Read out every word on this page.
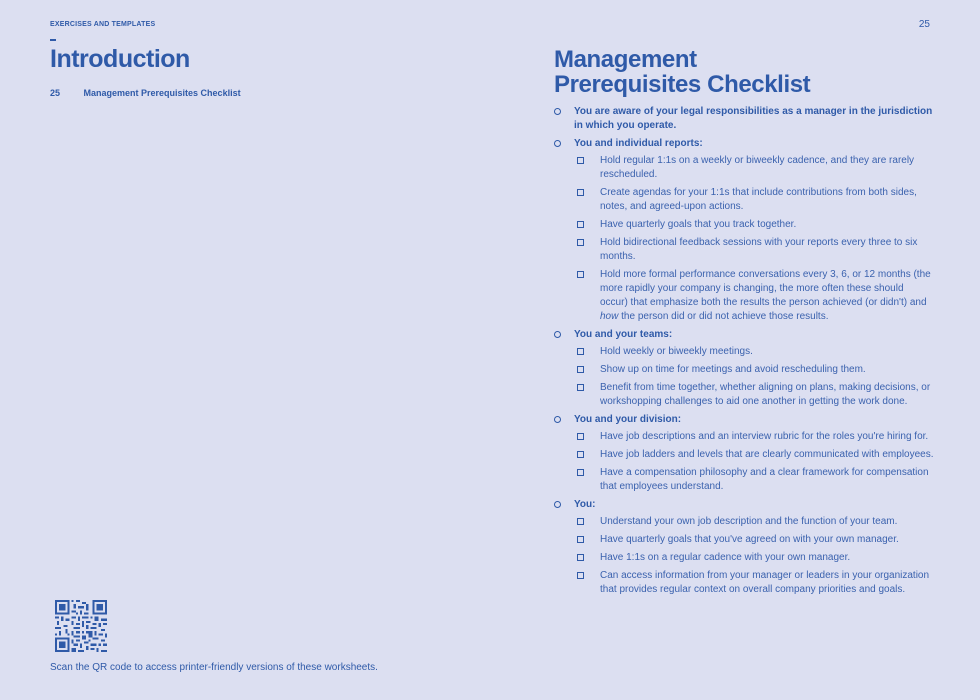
EXERCISES AND TEMPLATES	25
Introduction
25	Management Prerequisites Checklist
Scan the QR code to access printer-friendly versions of these worksheets.
Management
Prerequisites Checklist
You are aware of your legal responsibilities as a manager in the jurisdiction in which you operate.
You and individual reports:
Hold regular 1:1s on a weekly or biweekly cadence, and they are rarely rescheduled.
Create agendas for your 1:1s that include contributions from both sides, notes, and agreed-upon actions.
Have quarterly goals that you track together.
Hold bidirectional feedback sessions with your reports every three to six months.
Hold more formal performance conversations every 3, 6, or 12 months (the more rapidly your company is changing, the more often these should occur) that emphasize both the results the person achieved (or didn't) and how the person did or did not achieve those results.
You and your teams:
Hold weekly or biweekly meetings.
Show up on time for meetings and avoid rescheduling them.
Benefit from time together, whether aligning on plans, making decisions, or workshopping challenges to aid one another in getting the work done.
You and your division:
Have job descriptions and an interview rubric for the roles you're hiring for.
Have job ladders and levels that are clearly communicated with employees.
Have a compensation philosophy and a clear framework for compensation that employees understand.
You:
Understand your own job description and the function of your team.
Have quarterly goals that you've agreed on with your own manager.
Have 1:1s on a regular cadence with your own manager.
Can access information from your manager or leaders in your organization that provides regular context on overall company priorities and goals.
